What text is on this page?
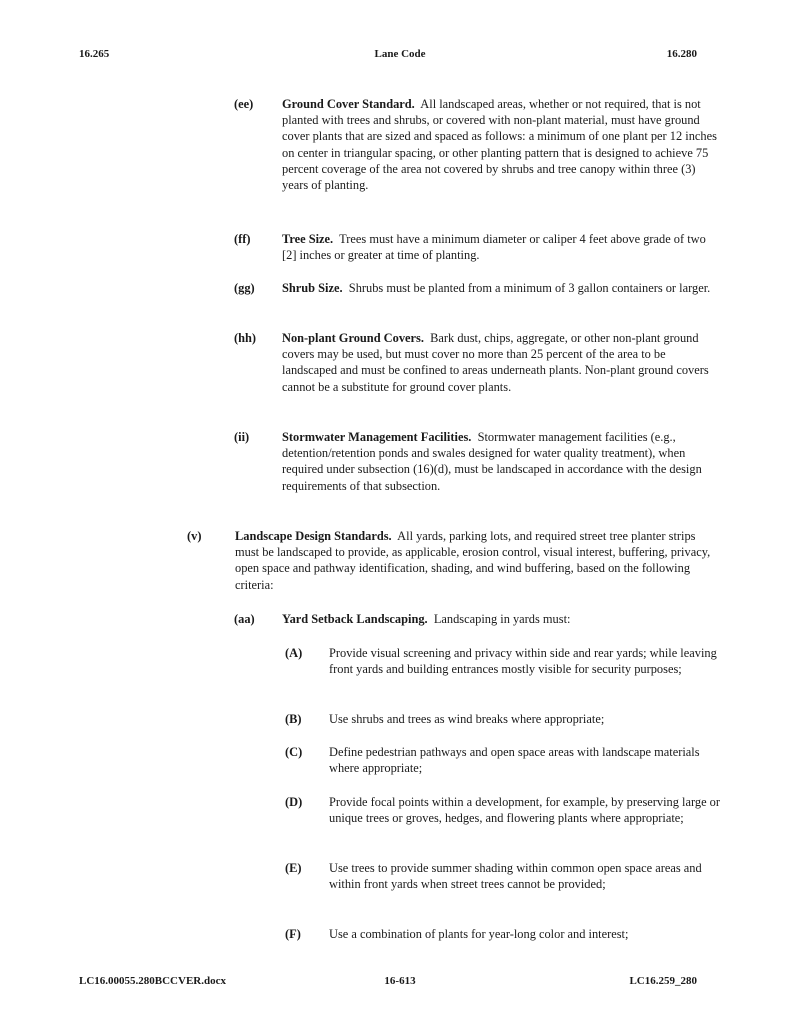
16.265	Lane Code	16.280
(ee) Ground Cover Standard. All landscaped areas, whether or not required, that is not planted with trees and shrubs, or covered with non-plant material, must have ground cover plants that are sized and spaced as follows: a minimum of one plant per 12 inches on center in triangular spacing, or other planting pattern that is designed to achieve 75 percent coverage of the area not covered by shrubs and tree canopy within three (3) years of planting.
(ff)	Tree Size. Trees must have a minimum diameter or caliper 4 feet above grade of two [2] inches or greater at time of planting.
(gg) Shrub Size. Shrubs must be planted from a minimum of 3 gallon containers or larger.
(hh) Non-plant Ground Covers. Bark dust, chips, aggregate, or other non-plant ground covers may be used, but must cover no more than 25 percent of the area to be landscaped and must be confined to areas underneath plants. Non-plant ground covers cannot be a substitute for ground cover plants.
(ii)	Stormwater Management Facilities. Stormwater management facilities (e.g., detention/retention ponds and swales designed for water quality treatment), when required under subsection (16)(d), must be landscaped in accordance with the design requirements of that subsection.
(v)	Landscape Design Standards. All yards, parking lots, and required street tree planter strips must be landscaped to provide, as applicable, erosion control, visual interest, buffering, privacy, open space and pathway identification, shading, and wind buffering, based on the following criteria:
(aa) Yard Setback Landscaping. Landscaping in yards must:
(A) Provide visual screening and privacy within side and rear yards; while leaving front yards and building entrances mostly visible for security purposes;
(B) Use shrubs and trees as wind breaks where appropriate;
(C) Define pedestrian pathways and open space areas with landscape materials where appropriate;
(D) Provide focal points within a development, for example, by preserving large or unique trees or groves, hedges, and flowering plants where appropriate;
(E) Use trees to provide summer shading within common open space areas and within front yards when street trees cannot be provided;
(F) Use a combination of plants for year-long color and interest;
LC16.00055.280BCCVER.docx	16-613	LC16.259_280
